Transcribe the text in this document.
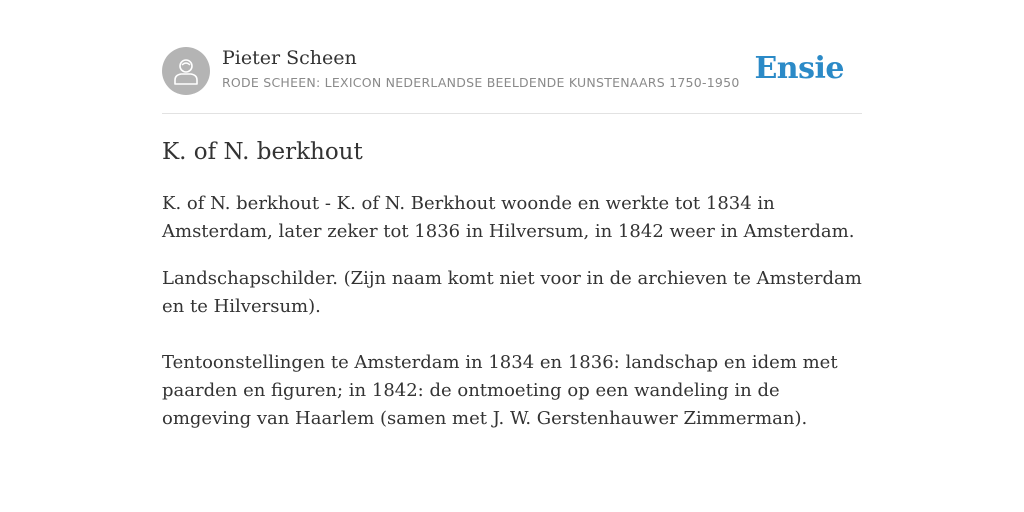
Pieter Scheen
RODE SCHEEN: LEXICON NEDERLANDSE BEELDENDE KUNSTENAARS 1750-1950 Ensie
K. of N. berkhout

K. of N. berkhout - K. of N. Berkhout woonde en werkte tot 1834 in Amsterdam, later zeker tot 1836 in Hilversum, in 1842 weer in Amsterdam.

Landschapschilder. (Zijn naam komt niet voor in de archieven te Amsterdam en te Hilversum).

Tentoonstellingen te Amsterdam in 1834 en 1836: landschap en idem met paarden en figuren; in 1842: de ontmoeting op een wandeling in de omgeving van Haarlem (samen met J. W. Gerstenhauwer Zimmerman).
